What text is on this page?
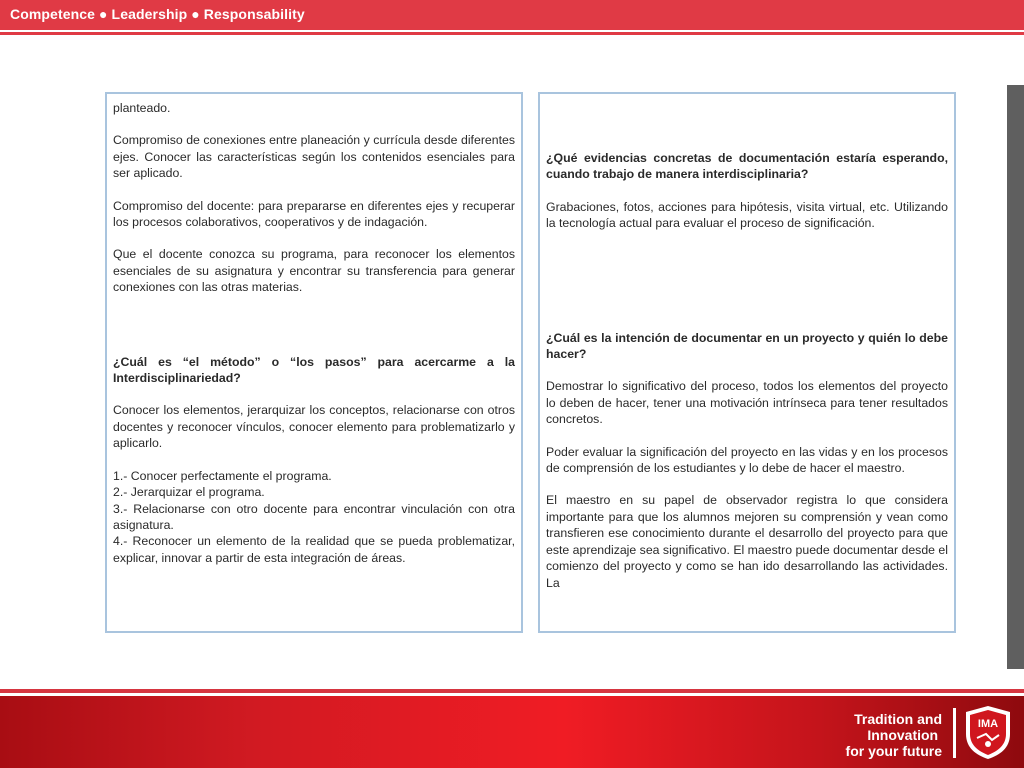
Competence ● Leadership ● Responsability

planteado.

Compromiso de conexiones entre planeación y currícula desde diferentes ejes. Conocer las características según los contenidos esenciales para ser aplicado.

Compromiso del docente: para prepararse en diferentes ejes y recuperar los procesos colaborativos, cooperativos y de indagación.

Que el docente conozca su programa, para reconocer los elementos esenciales de su asignatura y encontrar su transferencia para generar conexiones con las otras materias.

¿Cuál es “el método” o “los pasos” para acercarme a la Interdisciplinariedad?

Conocer los elementos, jerarquizar los conceptos, relacionarse con otros docentes y reconocer vínculos, conocer elemento para problematizarlo y aplicarlo.

1.- Conocer perfectamente el programa.

2.- Jerarquizar el programa.

3.- Relacionarse con otro docente para encontrar vinculación con otra asignatura.

4.- Reconocer un elemento de la realidad que se pueda problematizar, explicar, innovar a partir de esta integración de áreas.

¿Qué evidencias concretas de documentación estaría esperando, cuando trabajo de manera interdisciplinaria?

Grabaciones, fotos, acciones para hipótesis, visita virtual, etc. Utilizando la tecnología actual para evaluar el proceso de significación.

¿Cuál es la intención de documentar en un proyecto y quién lo debe hacer?

Demostrar lo significativo del proceso, todos los elementos del proyecto lo deben de hacer, tener una motivación intrínseca para tener resultados concretos.

Poder evaluar la significación del proyecto en las vidas y en los procesos de comprensión de los estudiantes y lo debe de hacer el maestro.

El maestro en su papel de observador registra lo que considera importante para que los alumnos mejoren su comprensión y vean como transfieren ese conocimiento durante el desarrollo del proyecto para que este aprendizaje sea significativo. El maestro puede documentar desde el comienzo del proyecto y como se han ido desarrollando las actividades. La

Tradition and
Innovation
for your future
IMA
